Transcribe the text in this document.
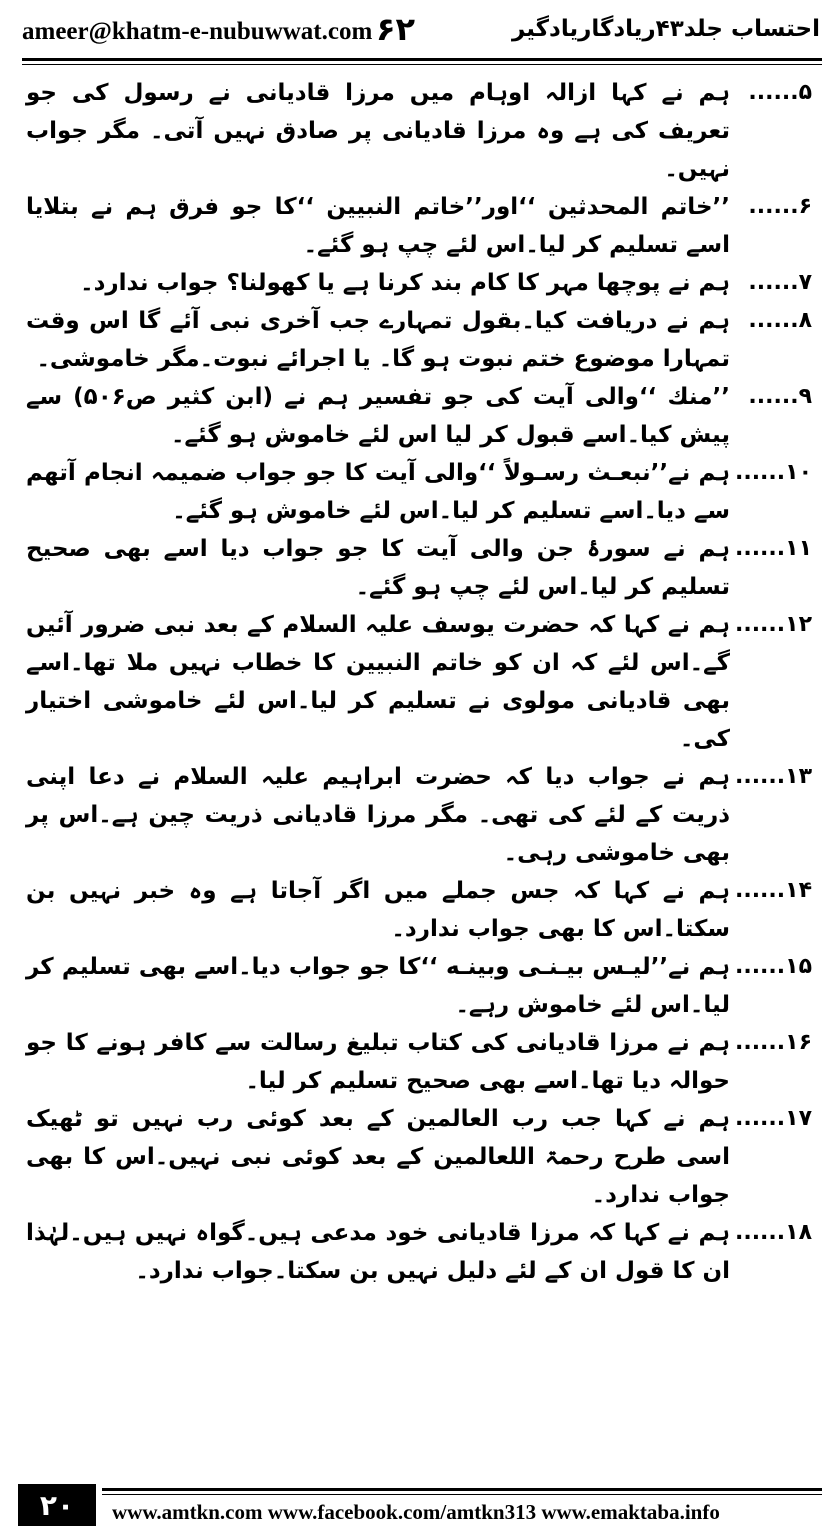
ameer@khatm-e-nubuwwat.com ۶۲	احتساب جلد۴۳ریادگاریادگیر
۵......
ہم نے کہا ازالہ اوہام میں مرزا قادیانی نے رسول کی جو تعریف کی ہے وہ مرزا قادیانی پر صادق نہیں آتی۔ مگر جواب نہیں۔
۶......
’’خاتم المحدثین ‘‘اور’’خاتم النبیین ‘‘کا جو فرق ہم نے بتلایا اسے تسلیم کر لیا۔اس لئے چپ ہو گئے۔
۷......
ہم نے پوچھا مہر کا کام بند کرنا ہے یا کھولنا؟ جواب ندارد۔
۸......
ہم نے دریافت کیا۔بقول تمہارے جب آخری نبی آئے گا اس وقت تمہارا موضوع ختم نبوت ہو گا۔ یا اجرائے نبوت۔مگر خاموشی۔
۹......
’’منك ‘‘والی آیت کی جو تفسیر ہم نے (ابن کثیر ص۵۰۶) سے پیش کیا۔اسے قبول کر لیا اس لئے خاموش ہو گئے۔
۱۰......
ہم نے’’نبعـث رسـولاً ‘‘والی آیت کا جو جواب ضمیمہ انجام آتھم سے دیا۔اسے تسلیم کر لیا۔اس لئے خاموش ہو گئے۔
۱۱......
ہم نے سورۂ جن والی آیت کا جو جواب دیا اسے بھی صحیح تسلیم کر لیا۔اس لئے چپ ہو گئے۔
۱۲......
ہم نے کہا کہ حضرت یوسف علیہ السلام کے بعد نبی ضرور آئیں گے۔اس لئے کہ ان کو خاتم النبیین کا خطاب نہیں ملا تھا۔اسے بھی قادیانی مولوی نے تسلیم کر لیا۔اس لئے خاموشی اختیار کی۔
۱۳......
ہم نے جواب دیا کہ حضرت ابراہیم علیہ السلام نے دعا اپنی ذریت کے لئے کی تھی۔ مگر مرزا قادیانی ذریت چین ہے۔اس پر بھی خاموشی رہی۔
۱۴......
ہم نے کہا کہ جس جملے میں اگر آجاتا ہے وہ خبر نہیں بن سکتا۔اس کا بھی جواب ندارد۔
۱۵......
ہم نے’’لیـس بیـنـی وبینـه ‘‘کا جو جواب دیا۔اسے بھی تسلیم کر لیا۔اس لئے خاموش رہے۔
۱۶......
ہم نے مرزا قادیانی کی کتاب تبلیغ رسالت سے کافر ہونے کا جو حوالہ دیا تھا۔اسے بھی صحیح تسلیم کر لیا۔
۱۷......
ہم نے کہا جب رب العالمین کے بعد کوئی رب نہیں تو ٹھیک اسی طرح رحمۃ اللعالمین کے بعد کوئی نبی نہیں۔اس کا بھی جواب ندارد۔
۱۸......
ہم نے کہا کہ مرزا قادیانی خود مدعی ہیں۔گواہ نہیں ہیں۔لہٰذا ان کا قول ان کے لئے دلیل نہیں بن سکتا۔جواب ندارد۔
۲۰	www.amtkn.com www.facebook.com/amtkn313 www.emaktaba.info
